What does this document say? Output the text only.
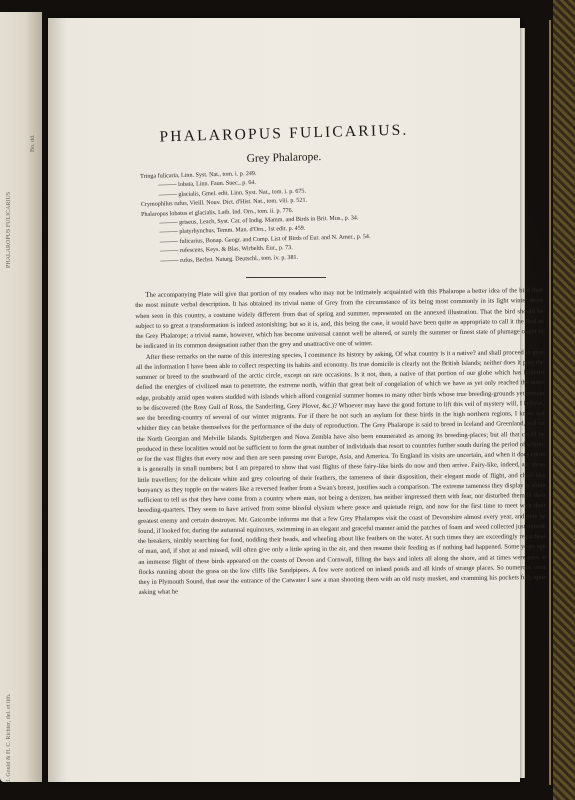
PHALAROPUS FULICARIUS
Bo. dd.
J. Gould & H. C. Richter, del. et lith.
PHALAROPUS FULICARIUS.
Grey Phalarope.
Tringa fulicaria, Linn. Syst. Nat., tom. i. p. 249.
——— lobata, Linn. Faun. Suec., p. 64.
——— glacialis, Gmel. edit. Linn. Syst. Nat., tom. i. p. 675.
Crymophilus rufus, Vieill. Nouv. Dict. d'Hist. Nat., tom. viii. p. 521.
Phalaropus lobatus et glacialis, Lath. Ind. Orn., tom. ii. p. 776.
——— griseus, Leach, Syst. Cat. of Indig. Mamm. and Birds in Brit. Mus., p. 34.
——— platyrhynchus, Temm. Man. d'Orn., 1st edit. p. 459.
——— fulicarius, Bonap. Geogr. and Comp. List of Birds of Eur. and N. Amer., p. 54.
——— rufescens, Keys. & Blas. Wirbelth. Eur., p. 73.
——— rufus, Bechst. Naturg. Deutschl., tom. iv. p. 381.

The accompanying Plate will give that portion of my readers who may not be intimately acquainted with this Phalarope a better idea of the bird than the most minute verbal description. It has obtained its trivial name of Grey from the circumstance of its being most commonly in its light winter dress when seen in this country, a costume widely different from that of spring and summer, represented on the annexed illustration. That the bird should be subject to so great a transformation is indeed astonishing; but so it is, and, this being the case, it would have been quite as appropriate to call it the Red as the Grey Phalarope; a trivial name, however, which has become universal cannot well be altered, or surely the summer or finest state of plumage ought to be indicated in its common designation rather than the grey and unattractive one of winter.

After these remarks on the name of this interesting species, I commence its history by asking, Of what country is it a native? and shall proceed to give all the information I have been able to collect respecting its habits and economy. Its true domicile is clearly not the British Islands; neither does it pass the summer or breed to the southward of the arctic circle, except on rare occasions. Is it not, then, a native of that portion of our globe which has hitherto defied the energies of civilized man to penetrate, the extreme north, within that great belt of congelation of which we have as yet only reached the outer edge, probably amid open waters studded with islands which afford congenial summer homes to many other birds whose true breeding-grounds yet remain to be discovered (the Rosy Gull of Ross, the Sanderling, Grey Plover, &c.)? Whoever may have the good fortune to lift this veil of mystery will, I believe, see the breeding-country of several of our winter migrants. For if there be not such an asylum for these birds in the high northern regions, I know not whither they can betake themselves for the performance of the duty of reproduction. The Grey Phalarope is said to breed in Iceland and Greenland, and on the North Georgian and Melville Islands. Spitzbergen and Nova Zembla have also been enumerated as among its breeding-places; but all that could be produced in these localities would not be sufficient to form the great number of individuals that resort to countries further south during the period of winter, or for the vast flights that every now and then are seen passing over Europe, Asia, and America. To England its visits are uncertain, and when it does come it is generally in small numbers; but I am prepared to show that vast flights of these fairy-like birds do now and then arrive. Fairy-like, indeed, are these little travellers; for the delicate white and grey colouring of their feathers, the tameness of their disposition, their elegant mode of flight, and chaff-like buoyancy as they topple on the waters like a reversed feather from a Swan's breast, justifies such a comparison. The extreme tameness they display is alone sufficient to tell us that they have come from a country where man, not being a denizen, has neither impressed them with fear, nor disturbed them in their breeding-quarters. They seem to have arrived from some blissful elysium where peace and quietude reign, and now for the first time to meet with their greatest enemy and certain destroyer. Mr. Gatcombe informs me that a few Grey Phalaropes visit the coast of Devonshire almost every year, and may be found, if looked for, during the autumnal equinoxes, swimming in an elegant and graceful manner amid the patches of foam and weed collected just outside the breakers, nimbly searching for food, nodding their heads, and wheeling about like feathers on the water. At such times they are exceedingly regardless of man, and, if shot at and missed, will often give only a little spring in the air, and then resume their feeding as if nothing had happened. Some years ago an immense flight of these birds appeared on the coasts of Devon and Cornwall, filling the bays and inlets all along the shore, and at times were seen in flocks running about the grass on the low cliffs like Sandpipers. A few were noticed on inland ponds and all kinds of strange places. So numerous were they in Plymouth Sound, that near the entrance of the Catwater I saw a man shooting them with an old rusty musket, and cramming his pockets full; upon asking what he
